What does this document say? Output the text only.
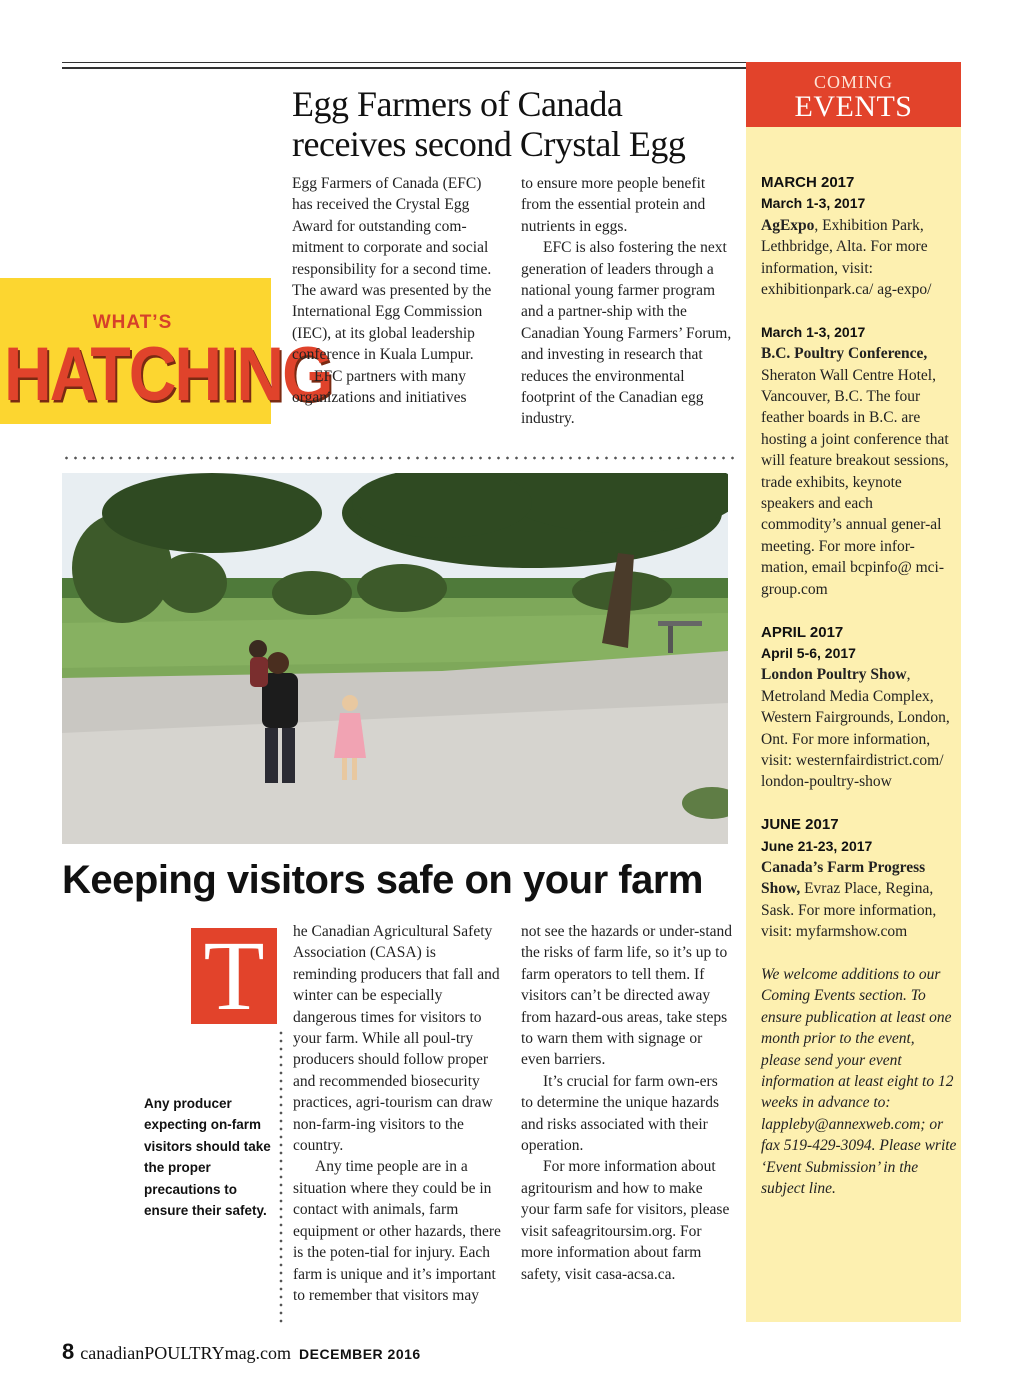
WHAT’S
HATCHING
Egg Farmers of Canada
receives second Crystal Egg

Egg Farmers of Canada (EFC) has received the Crystal Egg Award for outstanding com-mitment to corporate and social responsibility for a second time. The award was presented by the International Egg Commission (IEC), at its global leadership conference in Kuala Lumpur.

EFC partners with many organizations and initiatives

to ensure more people benefit from the essential protein and nutrients in eggs.

EFC is also fostering the next generation of leaders through a national young farmer program and a partner-ship with the Canadian Young Farmers’ Forum, and investing in research that reduces the environmental footprint of the Canadian egg industry.

Keeping visitors safe on your farm
T	he Canadian Agricultural Safety Association (CASA) is reminding producers that fall and winter can be especially dangerous times for visitors to your farm. While all poul-try producers should follow proper and recommended biosecurity practices, agri-tourism can draw non-farm-ing visitors to the country.

Any time people are in a situation where they could be in contact with animals, farm equipment or other hazards, there is the poten-tial for injury. Each farm is unique and it’s important to remember that visitors may

not see the hazards or under-stand the risks of farm life, so it’s up to farm operators to tell them. If visitors can’t be directed away from hazard-ous areas, take steps to warn them with signage or even barriers.

It’s crucial for farm own-ers to determine the unique hazards and risks associated with their operation.

For more information about agritourism and how to make your farm safe for visitors, please visit safeagritoursim.org. For more information about farm safety, visit casa-acsa.ca.

Any producer expecting on-farm visitors should take the proper precautions to ensure their safety.
COMING
EVENTS
MARCH 2017
March 1-3, 2017
AgExpo, Exhibition Park, Lethbridge, Alta. For more information, visit: exhibitionpark.ca/ ag-expo/
March 1-3, 2017
B.C. Poultry Conference, Sheraton Wall Centre Hotel, Vancouver, B.C. The four feather boards in B.C. are hosting a joint conference that will feature breakout sessions, trade exhibits, keynote speakers and each commodity’s annual gener-al meeting. For more infor-mation, email bcpinfo@ mci-group.com
APRIL 2017
April 5-6, 2017
London Poultry Show, Metroland Media Complex, Western Fairgrounds, London, Ont. For more information, visit: westernfairdistrict.com/ london-poultry-show
JUNE 2017
June 21-23, 2017
Canada’s Farm Progress Show, Evraz Place, Regina, Sask. For more information, visit: myfarmshow.com
We welcome additions to our Coming Events section. To ensure publication at least one month prior to the event, please send your event information at least eight to 12 weeks in advance to: lappleby@annexweb.com; or fax 519-429-3094. Please write ‘Event Submission’ in the subject line.
8 canadianPOULTRYmag.com DECEMBER 2016
